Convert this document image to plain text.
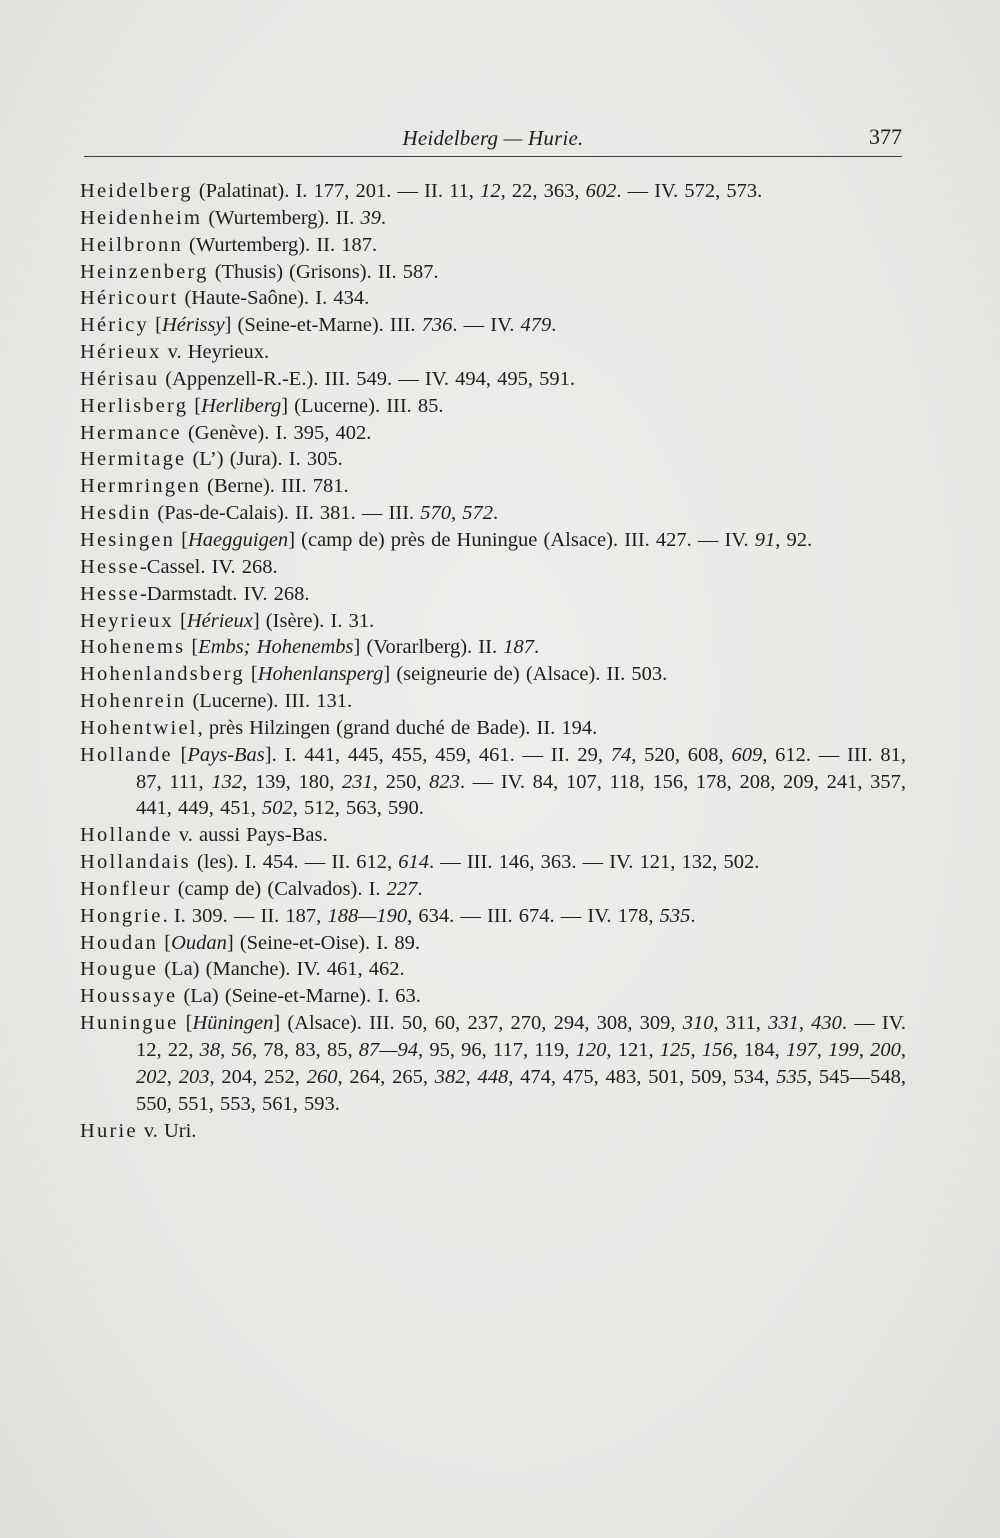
Heidelberg — Hurie.	377
Heidelberg (Palatinat). I. 177, 201. — II. 11, 12, 22, 363, 602. — IV. 572, 573.
Heidenheim (Wurtemberg). II. 39.
Heilbronn (Wurtemberg). II. 187.
Heinzenberg (Thusis) (Grisons). II. 587.
Héricourt (Haute-Saône). I. 434.
Héricy [Hérissy] (Seine-et-Marne). III. 736. — IV. 479.
Hérieux v. Heyrieux.
Hérisau (Appenzell-R.-E.). III. 549. — IV. 494, 495, 591.
Herlisberg [Herliberg] (Lucerne). III. 85.
Hermance (Genève). I. 395, 402.
Hermitage (L’) (Jura). I. 305.
Hermringen (Berne). III. 781.
Hesdin (Pas-de-Calais). II. 381. — III. 570, 572.
Hesingen [Haegguigen] (camp de) près de Huningue (Alsace). III. 427. — IV. 91, 92.
Hesse-Cassel. IV. 268.
Hesse-Darmstadt. IV. 268.
Heyrieux [Hérieux] (Isère). I. 31.
Hohenems [Embs; Hohenembs] (Vorarlberg). II. 187.
Hohenlandsberg [Hohenlansperg] (seigneurie de) (Alsace). II. 503.
Hohenrein (Lucerne). III. 131.
Hohentwiel, près Hilzingen (grand duché de Bade). II. 194.
Hollande [Pays-Bas]. I. 441, 445, 455, 459, 461. — II. 29, 74, 520, 608, 609, 612. — III. 81, 87, 111, 132, 139, 180, 231, 250, 823. — IV. 84, 107, 118, 156, 178, 208, 209, 241, 357, 441, 449, 451, 502, 512, 563, 590.
Hollande v. aussi Pays-Bas.
Hollandais (les). I. 454. — II. 612, 614. — III. 146, 363. — IV. 121, 132, 502.
Honfleur (camp de) (Calvados). I. 227.
Hongrie. I. 309. — II. 187, 188—190, 634. — III. 674. — IV. 178, 535.
Houdan [Oudan] (Seine-et-Oise). I. 89.
Hougue (La) (Manche). IV. 461, 462.
Houssaye (La) (Seine-et-Marne). I. 63.
Huningue [Hüningen] (Alsace). III. 50, 60, 237, 270, 294, 308, 309, 310, 311, 331, 430. — IV. 12, 22, 38, 56, 78, 83, 85, 87—94, 95, 96, 117, 119, 120, 121, 125, 156, 184, 197, 199, 200, 202, 203, 204, 252, 260, 264, 265, 382, 448, 474, 475, 483, 501, 509, 534, 535, 545—548, 550, 551, 553, 561, 593.
Hurie v. Uri.
